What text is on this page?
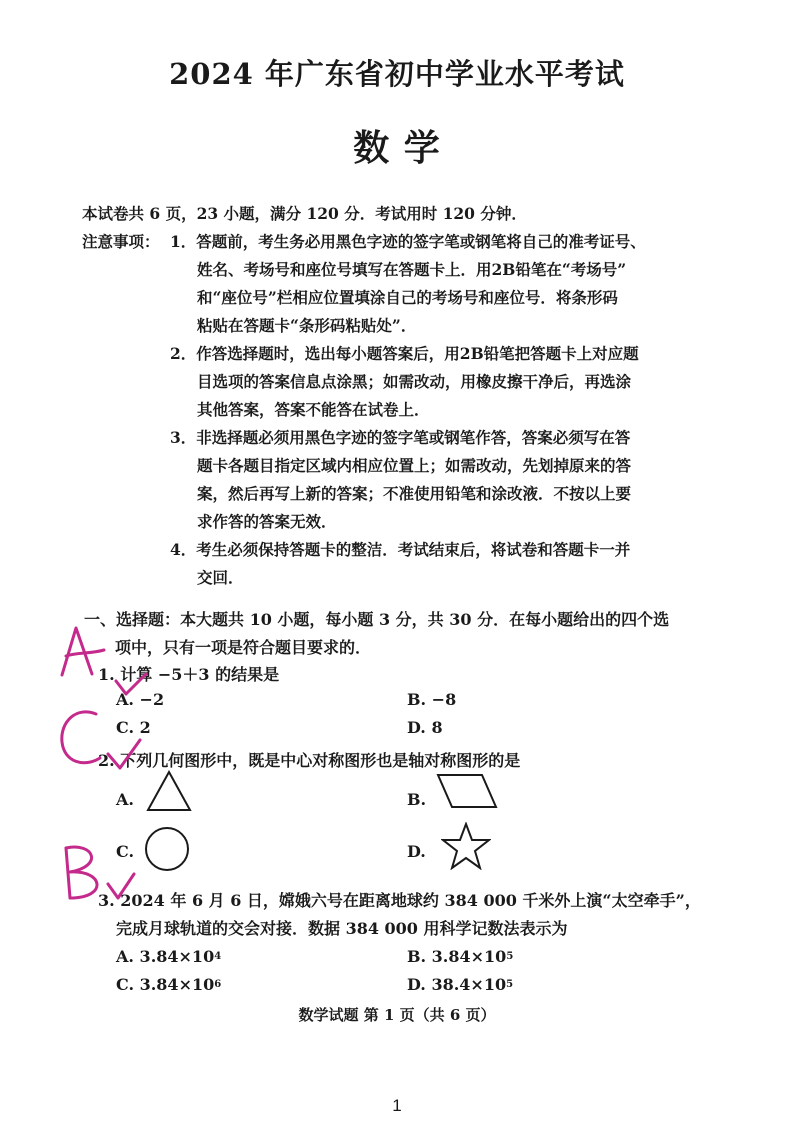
2024 年广东省初中学业水平考试
数 学
本试卷共 6 页，23 小题，满分 120 分．考试用时 120 分钟．
注意事项： 1．答题前，考生务必用黑色字迹的签字笔或钢笔将自己的准考证号、
姓名、考场号和座位号填写在答题卡上．用2B铅笔在“考场号”
和“座位号”栏相应位置填涂自己的考场号和座位号．将条形码
粘贴在答题卡“条形码粘贴处”．
2．作答选择题时，选出每小题答案后，用2B铅笔把答题卡上对应题
目选项的答案信息点涂黑；如需改动，用橡皮擦干净后，再选涂
其他答案，答案不能答在试卷上．
3．非选择题必须用黑色字迹的签字笔或钢笔作答，答案必须写在答
题卡各题目指定区域内相应位置上；如需改动，先划掉原来的答
案，然后再写上新的答案；不准使用铅笔和涂改液．不按以上要
求作答的答案无效．
4．考生必须保持答题卡的整洁．考试结束后，将试卷和答题卡一并
交回．
一、选择题：本大题共 10 小题，每小题 3 分，共 30 分．在每小题给出的四个选
项中，只有一项是符合题目要求的．
1. 计算 −5＋3 的结果是
A. −2	B. −8
C. 2	D. 8
2. 下列几何图形中，既是中心对称图形也是轴对称图形的是
A.	B.
C.	D.
3. 2024 年 6 月 6 日，嫦娥六号在距离地球约 384 000 千米外上演“太空牵手”，
完成月球轨道的交会对接．数据 384 000 用科学记数法表示为
A. $3.84\times 10^4$	B. $3.84\times 10^5$
C. $3.84\times 10^6$	D. $38.4\times 10^5$
数学试题 第 1 页（共 6 页）
1
